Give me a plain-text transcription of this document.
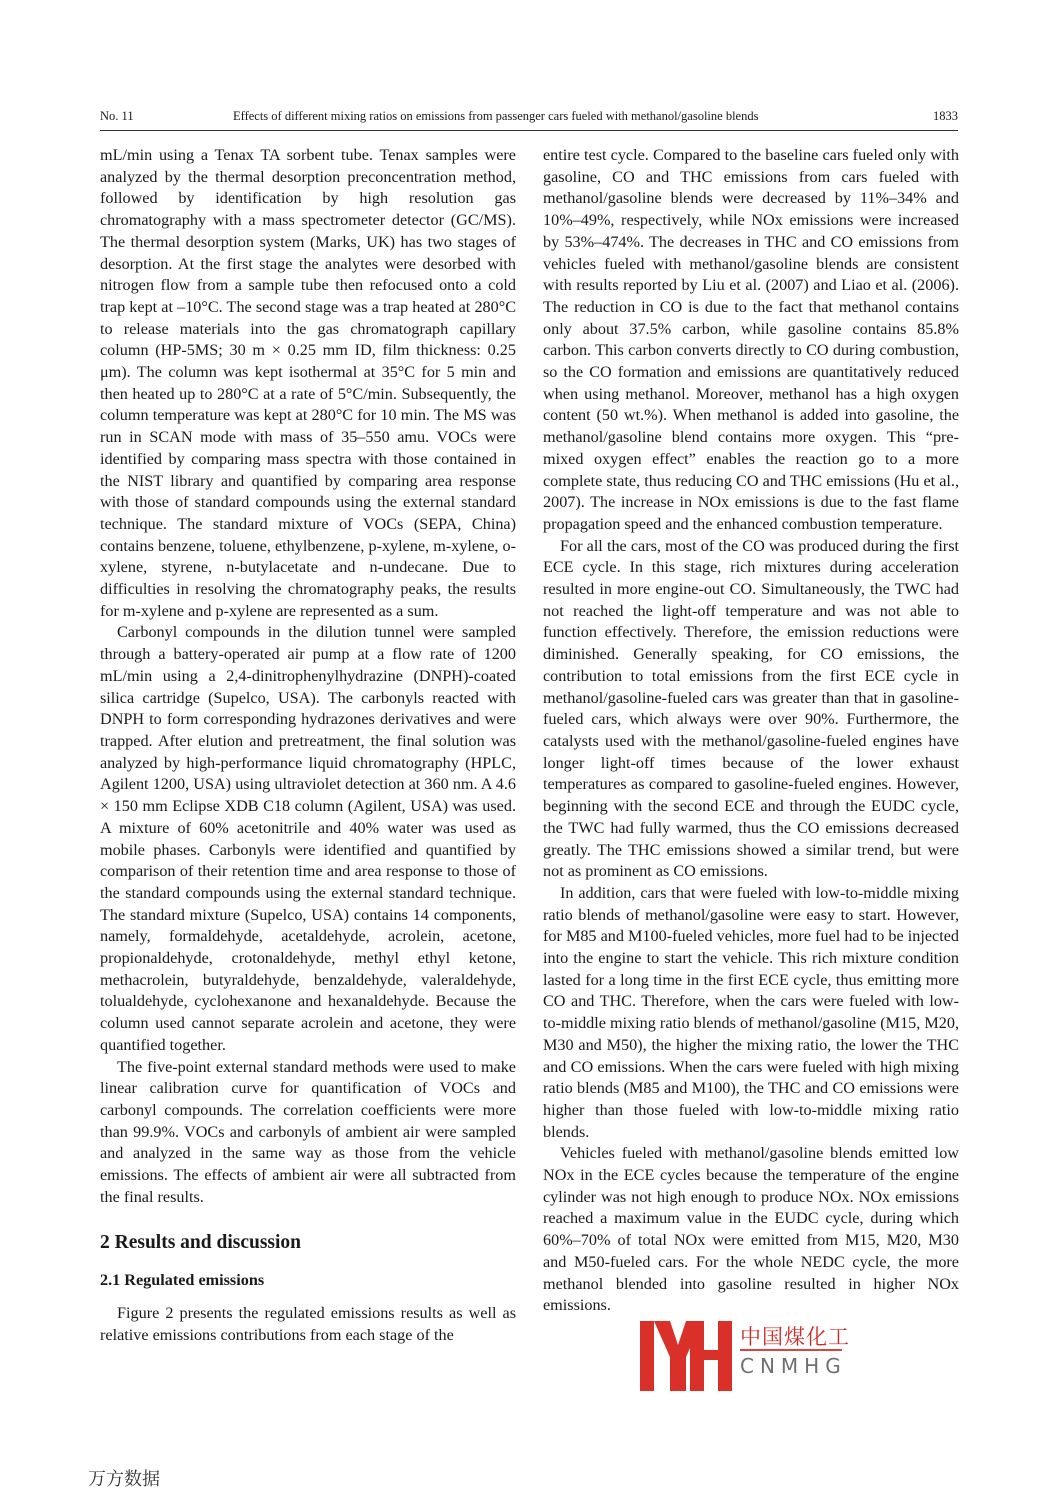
No. 11	Effects of different mixing ratios on emissions from passenger cars fueled with methanol/gasoline blends	1833

mL/min using a Tenax TA sorbent tube. Tenax samples were analyzed by the thermal desorption preconcentration method, followed by identification by high resolution gas chromatography with a mass spectrometer detector (GC/MS). The thermal desorption system (Marks, UK) has two stages of desorption. At the first stage the analytes were desorbed with nitrogen flow from a sample tube then refocused onto a cold trap kept at –10°C. The second stage was a trap heated at 280°C to release materials into the gas chromatograph capillary column (HP-5MS; 30 m × 0.25 mm ID, film thickness: 0.25 μm). The column was kept isothermal at 35°C for 5 min and then heated up to 280°C at a rate of 5°C/min. Subsequently, the column temperature was kept at 280°C for 10 min. The MS was run in SCAN mode with mass of 35–550 amu. VOCs were identified by comparing mass spectra with those contained in the NIST library and quantified by comparing area response with those of standard compounds using the external standard technique. The standard mixture of VOCs (SEPA, China) contains benzene, toluene, ethylbenzene, p-xylene, m-xylene, o-xylene, styrene, n-butylacetate and n-undecane. Due to difficulties in resolving the chromatography peaks, the results for m-xylene and p-xylene are represented as a sum.

Carbonyl compounds in the dilution tunnel were sampled through a battery-operated air pump at a flow rate of 1200 mL/min using a 2,4-dinitrophenylhydrazine (DNPH)-coated silica cartridge (Supelco, USA). The carbonyls reacted with DNPH to form corresponding hydrazones derivatives and were trapped. After elution and pretreatment, the final solution was analyzed by high-performance liquid chromatography (HPLC, Agilent 1200, USA) using ultraviolet detection at 360 nm. A 4.6 × 150 mm Eclipse XDB C18 column (Agilent, USA) was used. A mixture of 60% acetonitrile and 40% water was used as mobile phases. Carbonyls were identified and quantified by comparison of their retention time and area response to those of the standard compounds using the external standard technique. The standard mixture (Supelco, USA) contains 14 components, namely, formaldehyde, acetaldehyde, acrolein, acetone, propionaldehyde, crotonaldehyde, methyl ethyl ketone, methacrolein, butyraldehyde, benzaldehyde, valeraldehyde, tolualdehyde, cyclohexanone and hexanaldehyde. Because the column used cannot separate acrolein and acetone, they were quantified together.

The five-point external standard methods were used to make linear calibration curve for quantification of VOCs and carbonyl compounds. The correlation coefficients were more than 99.9%. VOCs and carbonyls of ambient air were sampled and analyzed in the same way as those from the vehicle emissions. The effects of ambient air were all subtracted from the final results.

2 Results and discussion
2.1 Regulated emissions

Figure 2 presents the regulated emissions results as well as relative emissions contributions from each stage of the

entire test cycle. Compared to the baseline cars fueled only with gasoline, CO and THC emissions from cars fueled with methanol/gasoline blends were decreased by 11%–34% and 10%–49%, respectively, while NOx emissions were increased by 53%–474%. The decreases in THC and CO emissions from vehicles fueled with methanol/gasoline blends are consistent with results reported by Liu et al. (2007) and Liao et al. (2006). The reduction in CO is due to the fact that methanol contains only about 37.5% carbon, while gasoline contains 85.8% carbon. This carbon converts directly to CO during combustion, so the CO formation and emissions are quantitatively reduced when using methanol. Moreover, methanol has a high oxygen content (50 wt.%). When methanol is added into gasoline, the methanol/gasoline blend contains more oxygen. This “pre-mixed oxygen effect” enables the reaction go to a more complete state, thus reducing CO and THC emissions (Hu et al., 2007). The increase in NOx emissions is due to the fast flame propagation speed and the enhanced combustion temperature.

For all the cars, most of the CO was produced during the first ECE cycle. In this stage, rich mixtures during acceleration resulted in more engine-out CO. Simultaneously, the TWC had not reached the light-off temperature and was not able to function effectively. Therefore, the emission reductions were diminished. Generally speaking, for CO emissions, the contribution to total emissions from the first ECE cycle in methanol/gasoline-fueled cars was greater than that in gasoline-fueled cars, which always were over 90%. Furthermore, the catalysts used with the methanol/gasoline-fueled engines have longer light-off times because of the lower exhaust temperatures as compared to gasoline-fueled engines. However, beginning with the second ECE and through the EUDC cycle, the TWC had fully warmed, thus the CO emissions decreased greatly. The THC emissions showed a similar trend, but were not as prominent as CO emissions.

In addition, cars that were fueled with low-to-middle mixing ratio blends of methanol/gasoline were easy to start. However, for M85 and M100-fueled vehicles, more fuel had to be injected into the engine to start the vehicle. This rich mixture condition lasted for a long time in the first ECE cycle, thus emitting more CO and THC. Therefore, when the cars were fueled with low-to-middle mixing ratio blends of methanol/gasoline (M15, M20, M30 and M50), the higher the mixing ratio, the lower the THC and CO emissions. When the cars were fueled with high mixing ratio blends (M85 and M100), the THC and CO emissions were higher than those fueled with low-to-middle mixing ratio blends.

Vehicles fueled with methanol/gasoline blends emitted low NOx in the ECE cycles because the temperature of the engine cylinder was not high enough to produce NOx. NOx emissions reached a maximum value in the EUDC cycle, during which 60%–70% of total NOx were emitted from M15, M20, M30 and M50-fueled cars. For the whole NEDC cycle, the more methanol blended into gasoline resulted in higher NOx emissions.

中国煤化工
CNMHG
万方数据
